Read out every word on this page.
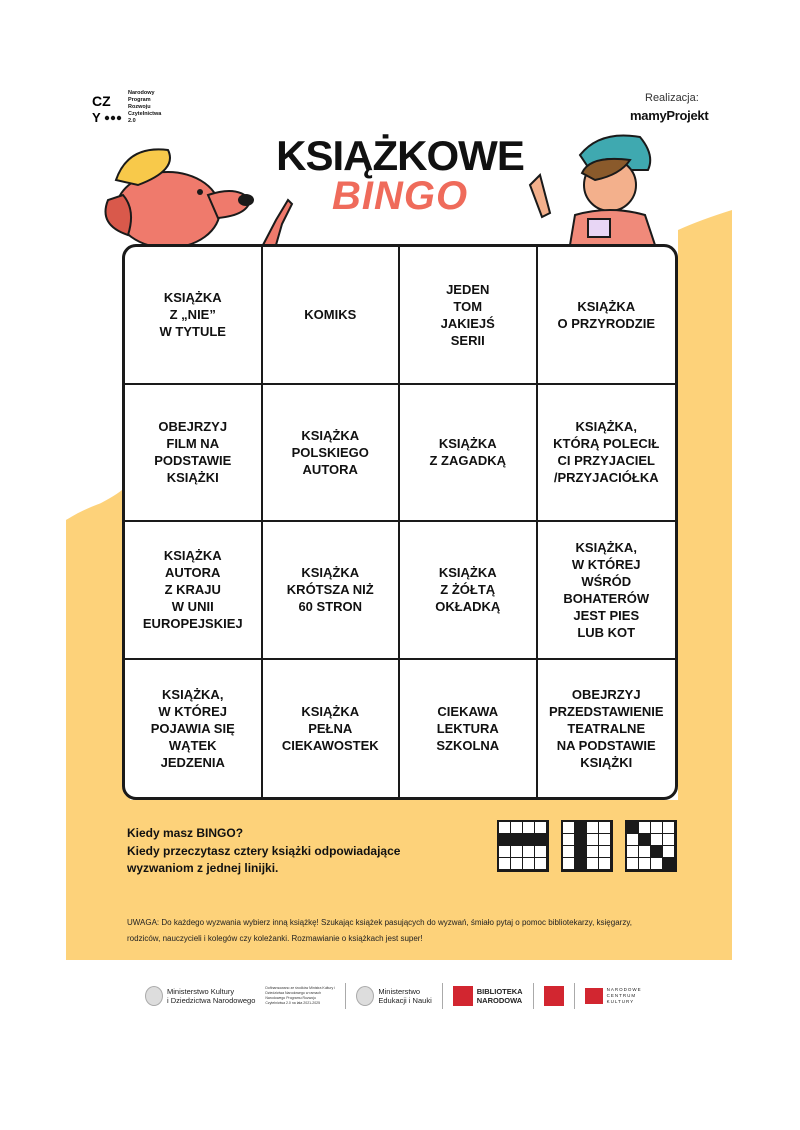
CZ
Y
Narodowy
Program
Rozwoju
Czytelnictwa
2.0
Realizacja:
mamyProjekt
KSIĄŻKOWE
BINGO
KSIĄŻKA
Z „NIE”
W TYTULE
KOMIKS
JEDEN
TOM
JAKIEJŚ
SERII
KSIĄŻKA
O PRZYRODZIE
OBEJRZYJ
FILM NA
PODSTAWIE
KSIĄŻKI
KSIĄŻKA
POLSKIEGO
AUTORA
KSIĄŻKA
Z ZAGADKĄ
KSIĄŻKA,
KTÓRĄ POLECIŁ
CI PRZYJACIEL
/PRZYJACIÓŁKA
KSIĄŻKA
AUTORA
Z KRAJU
W UNII
EUROPEJSKIEJ
KSIĄŻKA
KRÓTSZA NIŻ
60 STRON
KSIĄŻKA
Z ŻÓŁTĄ
OKŁADKĄ
KSIĄŻKA,
W KTÓREJ
WŚRÓD
BOHATERÓW
JEST PIES
LUB KOT
KSIĄŻKA,
W KTÓREJ
POJAWIA SIĘ
WĄTEK
JEDZENIA
KSIĄŻKA
PEŁNA
CIEKAWOSTEK
CIEKAWA
LEKTURA
SZKOLNA
OBEJRZYJ
PRZEDSTAWIENIE
TEATRALNE
NA PODSTAWIE
KSIĄŻKI
Kiedy masz BINGO?
Kiedy przeczytasz cztery książki odpowiadające wyzwaniom z jednej linijki.
UWAGA: Do każdego wyzwania wybierz inną książkę! Szukając książek pasujących do wyzwań, śmiało pytaj o pomoc bibliotekarzy, księgarzy, rodziców, nauczycieli i kolegów czy koleżanki. Rozmawianie o książkach jest super!
Ministerstwo Kultury
i Dziedzictwa Narodowego
Dofinansowano ze środków Ministra Kultury i Dziedzictwa Narodowego w ramach Narodowego Programu Rozwoju Czytelnictwa 2.0 na lata 2021-2025
Ministerstwo
Edukacji i Nauki
BIBLIOTEKA
NARODOWA
NARODOWE
CENTRUM
KULTURY
